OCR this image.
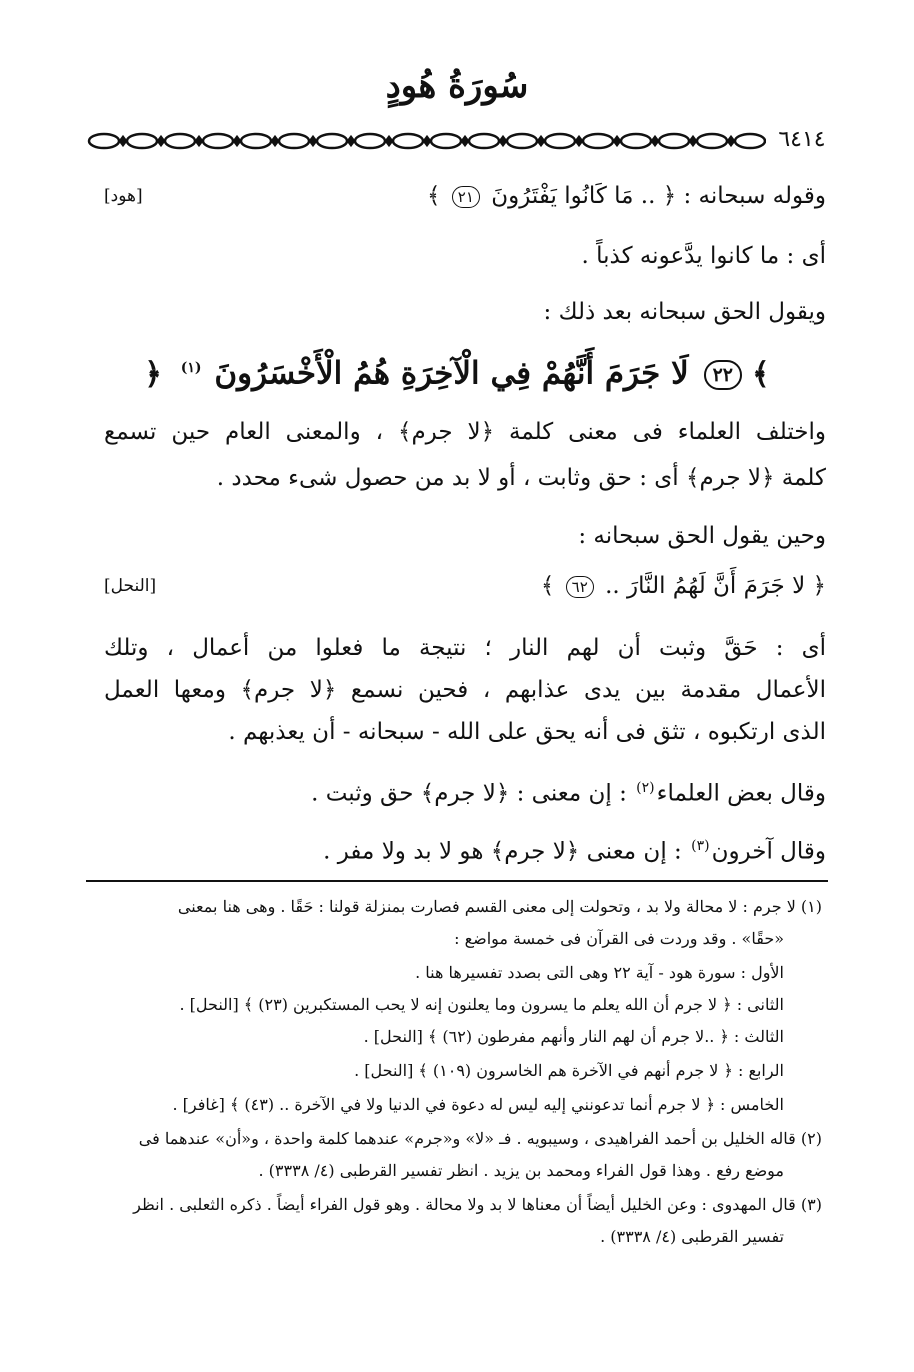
سُورَةُ هُودٍ
٦٤١٤
وقوله سبحانه : ﴿ .. مَا كَانُوا يَفْتَرُونَ ٢١ ﴾
[هود]
أى : ما كانوا يدَّعونه كذباً .
ويقول الحق سبحانه بعد ذلك :
﴾٢٢ لَا جَرَمَ أَنَّهُمْ فِي الْآخِرَةِ هُمُ الْأَخْسَرُونَ $^{(١)}$ ﴿
واختلف العلماء فى معنى كلمة ﴿لا جرم﴾ ، والمعنى العام حين تسمع
كلمة ﴿لا جرم﴾ أى : حق وثابت ، أو لا بد من حصول شىء محدد .
وحين يقول الحق سبحانه :
﴿ لا جَرَمَ أَنَّ لَهُمُ النَّارَ .. ٦٢ ﴾
[النحل]
أى : حَقَّ وثبت أن لهم النار ؛ نتيجة ما فعلوا من أعمال ، وتلك
الأعمال مقدمة بين يدى عذابهم ، فحين نسمع ﴿لا جرم﴾ ومعها العمل
الذى ارتكبوه ، تثق فى أنه يحق على الله - سبحانه - أن يعذبهم .
وقال بعض العلماء$^{(٢)}$ : إن معنى : ﴿لا جرم﴾ حق وثبت .
وقال آخرون$^{(٣)}$ : إن معنى ﴿لا جرم﴾ هو لا بد ولا مفر .
(١) لا جرم : لا محالة ولا بد ، وتحولت إلى معنى القسم فصارت بمنزلة قولنا : حَقًا . وهى هنا بمعنى
«حقًا» . وقد وردت فى القرآن فى خمسة مواضع :
الأول : سورة هود - آية ٢٢ وهى التى بصدد تفسيرها هنا .
الثانى : ﴿ لا جرم أن الله يعلم ما يسرون وما يعلنون إنه لا يحب المستكبرين (٢٣) ﴾ [النحل] .
الثالث : ﴿ ..لا جرم أن لهم النار وأنهم مفرطون (٦٢) ﴾ [النحل] .
الرابع : ﴿ لا جرم أنهم في الآخرة هم الخاسرون (١٠٩) ﴾ [النحل] .
الخامس : ﴿ لا جرم أنما تدعونني إليه ليس له دعوة في الدنيا ولا في الآخرة .. (٤٣) ﴾ [غافر] .
(٢) قاله الخليل بن أحمد الفراهيدى ، وسيبويه . فـ «لا» و«جرم» عندهما كلمة واحدة ، و«أن» عندهما فى
موضع رفع . وهذا قول الفراء ومحمد بن يزيد . انظر تفسير القرطبى (٤/ ٣٣٣٨) .
(٣) قال المهدوى : وعن الخليل أيضاً أن معناها لا بد ولا محالة . وهو قول الفراء أيضاً . ذكره الثعلبى . انظر
تفسير القرطبى (٤/ ٣٣٣٨) .
